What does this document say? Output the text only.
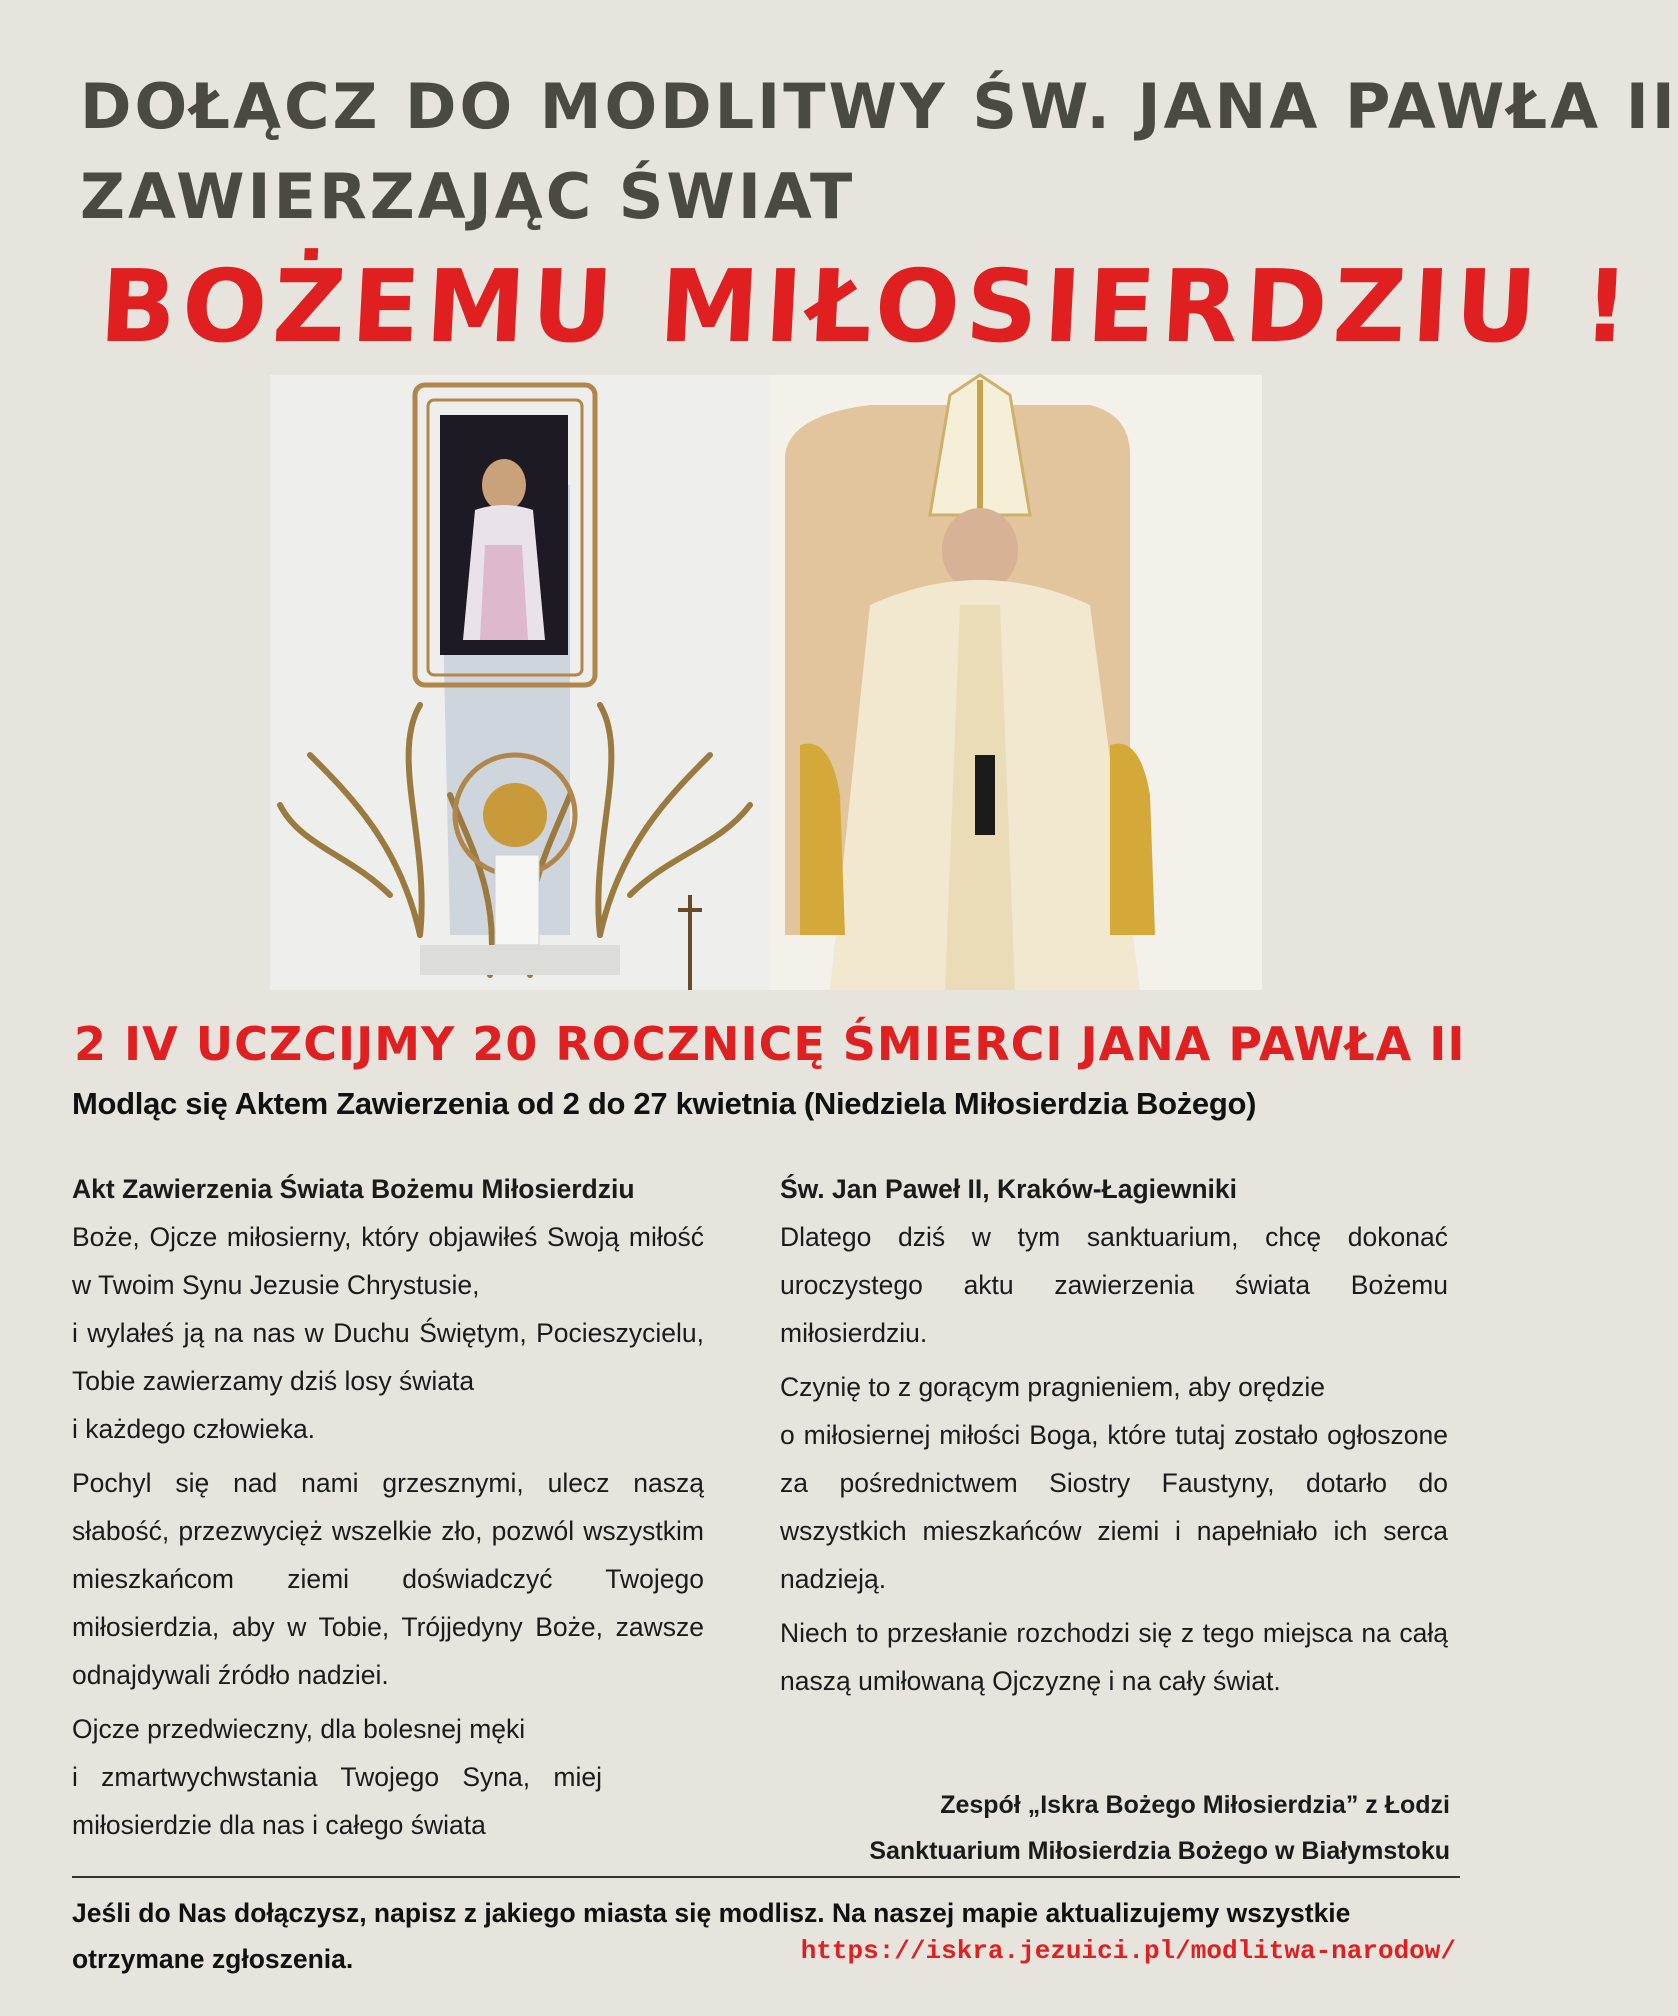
DOŁĄCZ DO MODLITWY ŚW. JANA PAWŁA II
ZAWIERZAJĄC ŚWIAT
BOŻEMU MIŁOSIERDZIU !
2 IV UCZCIJMY 20 ROCZNICĘ ŚMIERCI JANA PAWŁA II
Modląc się Aktem Zawierzenia od 2 do 27 kwietnia (Niedziela Miłosierdzia Bożego)
Akt Zawierzenia Świata Bożemu Miłosierdziu

Boże, Ojcze miłosierny, który objawiłeś Swoją miłość w Twoim Synu Jezusie Chrystusie,
i wylałeś ją na nas w Duchu Świętym, Pocieszycielu, Tobie zawierzamy dziś losy świata
i każdego człowieka.

Pochyl się nad nami grzesznymi, ulecz naszą słabość, przezwycięż wszelkie zło, pozwól wszystkim mieszkańcom ziemi doświadczyć Twojego miłosierdzia, aby w Tobie, Trójjedyny Boże, zawsze odnajdywali źródło nadziei.

Ojcze przedwieczny, dla bolesnej męki
i zmartwychwstania Twojego Syna, miej miłosierdzie dla nas i całego świata

Św. Jan Paweł II, Kraków-Łagiewniki

Dlatego dziś w tym sanktuarium, chcę dokonać uroczystego aktu zawierzenia świata Bożemu miłosierdziu.

Czynię to z gorącym pragnieniem, aby orędzie
o miłosiernej miłości Boga, które tutaj zostało ogłoszone za pośrednictwem Siostry Faustyny, dotarło do wszystkich mieszkańców ziemi i napełniało ich serca nadzieją.

Niech to przesłanie rozchodzi się z tego miejsca na całą naszą umiłowaną Ojczyznę i na cały świat.

Zespół „Iskra Bożego Miłosierdzia” z Łodzi
Sanktuarium Miłosierdzia Bożego w Białymstoku
Jeśli do Nas dołączysz, napisz z jakiego miasta się modlisz. Na naszej mapie aktualizujemy wszystkie otrzymane zgłoszenia.	https://iskra.jezuici.pl/modlitwa-narodow/
